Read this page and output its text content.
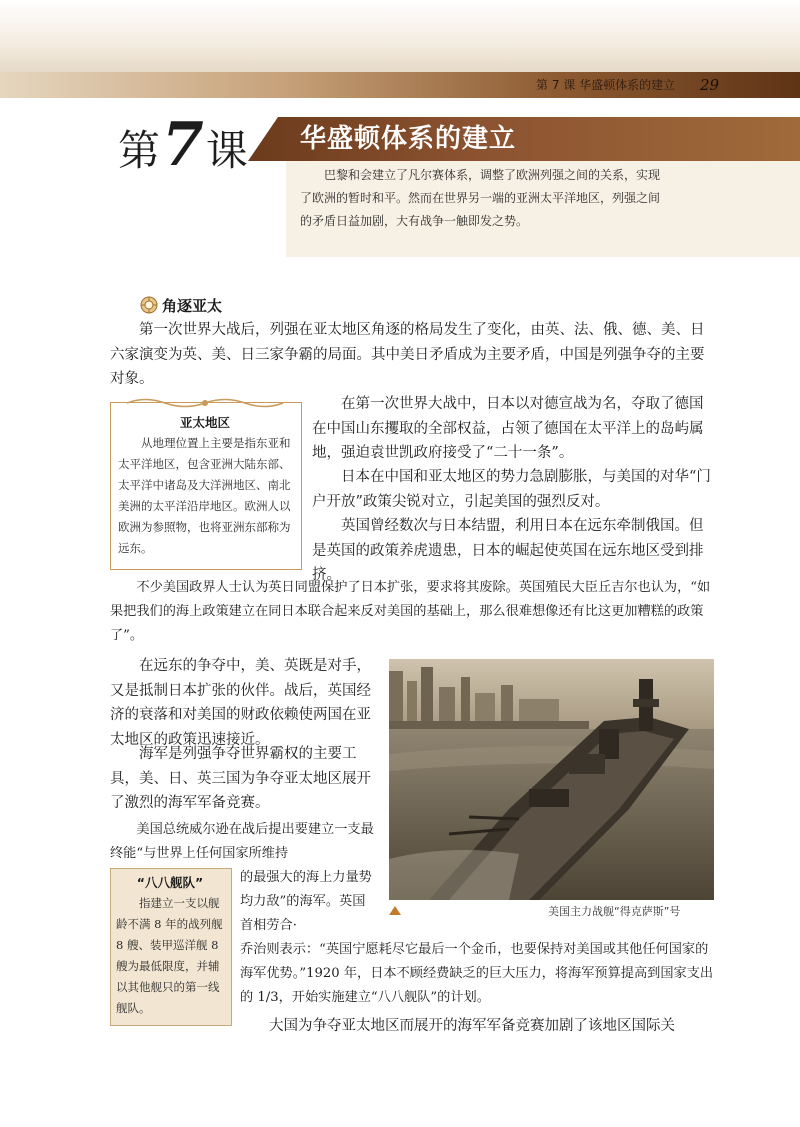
第 7 课 华盛顿体系的建立 29
第7课 华盛顿体系的建立
巴黎和会建立了凡尔赛体系，调整了欧洲列强之间的关系，实现了欧洲的暂时和平。然而在世界另一端的亚洲太平洋地区，列强之间的矛盾日益加剧，大有战争一触即发之势。
角逐亚太

第一次世界大战后，列强在亚太地区角逐的格局发生了变化，由英、法、俄、德、美、日六家演变为英、美、日三家争霸的局面。其中美日矛盾成为主要矛盾，中国是列强争夺的主要对象。

在第一次世界大战中，日本以对德宣战为名，夺取了德国在中国山东攫取的全部权益，占领了德国在太平洋上的岛屿属地，强迫袁世凯政府接受了“二十一条”。

日本在中国和亚太地区的势力急剧膨胀，与美国的对华“门户开放”政策尖锐对立，引起美国的强烈反对。

英国曾经数次与日本结盟，利用日本在远东牵制俄国。但是英国的政策养虎遗患，日本的崛起使英国在远东地区受到排挤。

亚太地区
从地理位置上主要是指东亚和太平洋地区，包含亚洲大陆东部、太平洋中诸岛及大洋洲地区、南北美洲的太平洋沿岸地区。欧洲人以欧洲为参照物，也将亚洲东部称为远东。

不少美国政界人士认为英日同盟保护了日本扩张，要求将其废除。英国殖民大臣丘吉尔也认为，“如果把我们的海上政策建立在同日本联合起来反对美国的基础上，那么很难想像还有比这更加糟糕的政策了”。

在远东的争夺中，美、英既是对手，又是抵制日本扩张的伙伴。战后，英国经济的衰落和对美国的财政依赖使两国在亚太地区的政策迅速接近。

海军是列强争夺世界霸权的主要工具，美、日、英三国为争夺亚太地区展开了激烈的海军军备竞赛。

美国主力战舰“得克萨斯”号

美国总统威尔逊在战后提出要建立一支最终能“与世界上任何国家所维持

的最强大的海上力量势均力敌”的海军。英国首相劳合·

乔治则表示：“英国宁愿耗尽它最后一个金币，也要保持对美国或其他任何国家的海军优势。”1920 年，日本不顾经费缺乏的巨大压力，将海军预算提高到国家支出的 1/3，开始实施建立“八八舰队”的计划。

“八八舰队”
指建立一支以舰龄不满 8 年的战列舰 8 艘、装甲巡洋舰 8 艘为最低限度，并辅以其他舰只的第一线舰队。

大国为争夺亚太地区而展开的海军军备竞赛加剧了该地区国际关
